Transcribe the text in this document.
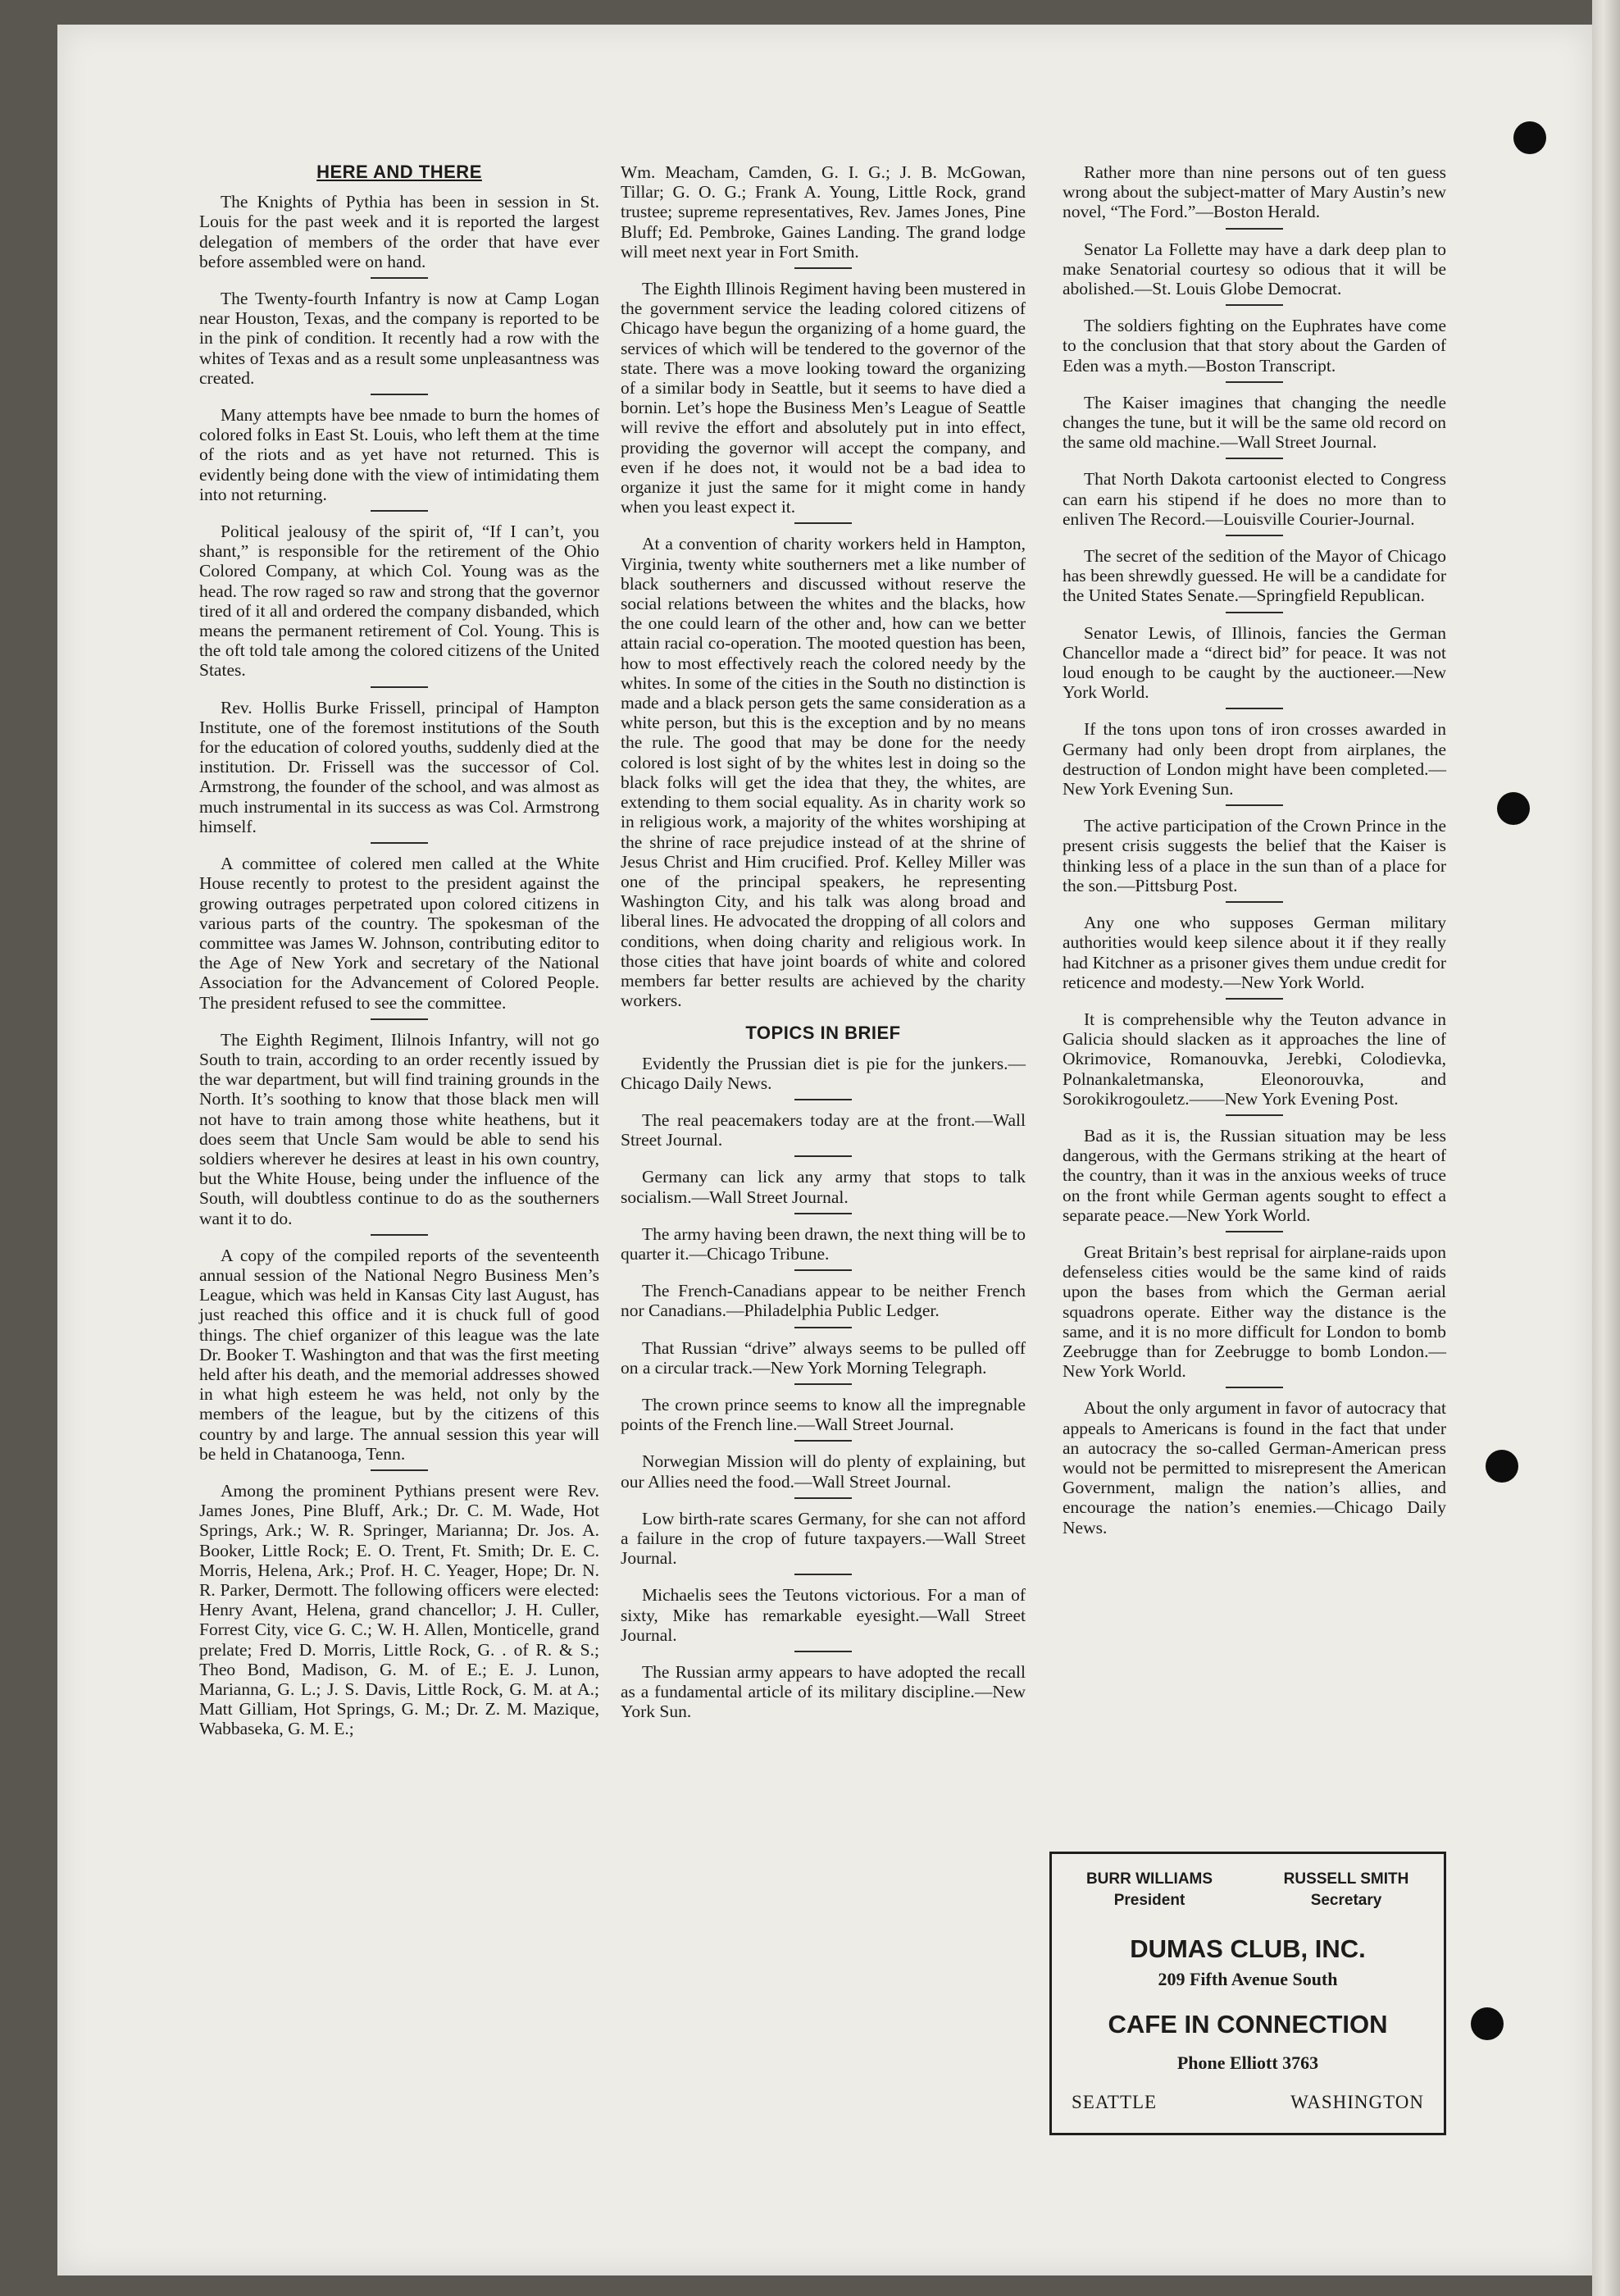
HERE AND THERE

The Knights of Pythia has been in session in St. Louis for the past week and it is reported the largest delegation of members of the order that have ever before assembled were on hand.

The Twenty-fourth Infantry is now at Camp Logan near Houston, Texas, and the company is reported to be in the pink of condition. It recently had a row with the whites of Texas and as a result some unpleasantness was created.

Many attempts have bee nmade to burn the homes of colored folks in East St. Louis, who left them at the time of the riots and as yet have not returned. This is evidently being done with the view of intimidating them into not returning.

Political jealousy of the spirit of, “If I can’t, you shant,” is responsible for the retirement of the Ohio Colored Company, at which Col. Young was as the head. The row raged so raw and strong that the governor tired of it all and ordered the company disbanded, which means the permanent retirement of Col. Young. This is the oft told tale among the colored citizens of the United States.

Rev. Hollis Burke Frissell, principal of Hampton Institute, one of the foremost institutions of the South for the education of colored youths, suddenly died at the institution. Dr. Frissell was the successor of Col. Armstrong, the founder of the school, and was almost as much instrumental in its success as was Col. Armstrong himself.

A committee of colered men called at the White House recently to protest to the president against the growing outrages perpetrated upon colored citizens in various parts of the country. The spokesman of the committee was James W. Johnson, contributing editor to the Age of New York and secretary of the National Association for the Advancement of Colored People. The president refused to see the committee.

The Eighth Regiment, Ililnois Infantry, will not go South to train, according to an order recently issued by the war department, but will find training grounds in the North. It’s soothing to know that those black men will not have to train among those white heathens, but it does seem that Uncle Sam would be able to send his soldiers wherever he desires at least in his own country, but the White House, being under the influence of the South, will doubtless continue to do as the southerners want it to do.

A copy of the compiled reports of the seventeenth annual session of the National Negro Business Men’s League, which was held in Kansas City last August, has just reached this office and it is chuck full of good things. The chief organizer of this league was the late Dr. Booker T. Washington and that was the first meeting held after his death, and the memorial addresses showed in what high esteem he was held, not only by the members of the league, but by the citizens of this country by and large. The annual session this year will be held in Chatanooga, Tenn.

Among the prominent Pythians present were Rev. James Jones, Pine Bluff, Ark.; Dr. C. M. Wade, Hot Springs, Ark.; W. R. Springer, Marianna; Dr. Jos. A. Booker, Little Rock; E. O. Trent, Ft. Smith; Dr. E. C. Morris, Helena, Ark.; Prof. H. C. Yeager, Hope; Dr. N. R. Parker, Dermott. The following officers were elected: Henry Avant, Helena, grand chancellor; J. H. Culler, Forrest City, vice G. C.; W. H. Allen, Monticelle, grand prelate; Fred D. Morris, Little Rock, G. . of R. & S.; Theo Bond, Madison, G. M. of E.; E. J. Lunon, Marianna, G. L.; J. S. Davis, Little Rock, G. M. at A.; Matt Gilliam, Hot Springs, G. M.; Dr. Z. M. Mazique, Wabbaseka, G. M. E.;

Wm. Meacham, Camden, G. I. G.; J. B. McGowan, Tillar; G. O. G.; Frank A. Young, Little Rock, grand trustee; supreme representatives, Rev. James Jones, Pine Bluff; Ed. Pembroke, Gaines Landing. The grand lodge will meet next year in Fort Smith.

The Eighth Illinois Regiment having been mustered in the government service the leading colored citizens of Chicago have begun the organizing of a home guard, the services of which will be tendered to the governor of the state. There was a move looking toward the organizing of a similar body in Seattle, but it seems to have died a bornin. Let’s hope the Business Men’s League of Seattle will revive the effort and absolutely put in into effect, providing the governor will accept the company, and even if he does not, it would not be a bad idea to organize it just the same for it might come in handy when you least expect it.

At a convention of charity workers held in Hampton, Virginia, twenty white southerners met a like number of black southerners and discussed without reserve the social relations between the whites and the blacks, how the one could learn of the other and, how can we better attain racial co-operation. The mooted question has been, how to most effectively reach the colored needy by the whites. In some of the cities in the South no distinction is made and a black person gets the same consideration as a white person, but this is the exception and by no means the rule. The good that may be done for the needy colored is lost sight of by the whites lest in doing so the black folks will get the idea that they, the whites, are extending to them social equality. As in charity work so in religious work, a majority of the whites worshiping at the shrine of race prejudice instead of at the shrine of Jesus Christ and Him crucified. Prof. Kelley Miller was one of the principal speakers, he representing Washington City, and his talk was along broad and liberal lines. He advocated the dropping of all colors and conditions, when doing charity and religious work. In those cities that have joint boards of white and colored members far better results are achieved by the charity workers.

TOPICS IN BRIEF

Evidently the Prussian diet is pie for the junkers.—Chicago Daily News.

The real peacemakers today are at the front.—Wall Street Journal.

Germany can lick any army that stops to talk socialism.—Wall Street Journal.

The army having been drawn, the next thing will be to quarter it.—Chicago Tribune.

The French-Canadians appear to be neither French nor Canadians.—Philadelphia Public Ledger.

That Russian “drive” always seems to be pulled off on a circular track.—New York Morning Telegraph.

The crown prince seems to know all the impregnable points of the French line.—Wall Street Journal.

Norwegian Mission will do plenty of explaining, but our Allies need the food.—Wall Street Journal.

Low birth-rate scares Germany, for she can not afford a failure in the crop of future taxpayers.—Wall Street Journal.

Michaelis sees the Teutons victorious. For a man of sixty, Mike has remarkable eyesight.—Wall Street Journal.

The Russian army appears to have adopted the recall as a fundamental article of its military discipline.—New York Sun.

Rather more than nine persons out of ten guess wrong about the subject-matter of Mary Austin’s new novel, “The Ford.”—Boston Herald.

Senator La Follette may have a dark deep plan to make Senatorial courtesy so odious that it will be abolished.—St. Louis Globe Democrat.

The soldiers fighting on the Euphrates have come to the conclusion that that story about the Garden of Eden was a myth.—Boston Transcript.

The Kaiser imagines that changing the needle changes the tune, but it will be the same old record on the same old machine.—Wall Street Journal.

That North Dakota cartoonist elected to Congress can earn his stipend if he does no more than to enliven The Record.—Louisville Courier-Journal.

The secret of the sedition of the Mayor of Chicago has been shrewdly guessed. He will be a candidate for the United States Senate.—Springfield Republican.

Senator Lewis, of Illinois, fancies the German Chancellor made a “direct bid” for peace. It was not loud enough to be caught by the auctioneer.—New York World.

If the tons upon tons of iron crosses awarded in Germany had only been dropt from airplanes, the destruction of London might have been completed.—New York Evening Sun.

The active participation of the Crown Prince in the present crisis suggests the belief that the Kaiser is thinking less of a place in the sun than of a place for the son.—Pittsburg Post.

Any one who supposes German military authorities would keep silence about it if they really had Kitchner as a prisoner gives them undue credit for reticence and modesty.—New York World.

It is comprehensible why the Teuton advance in Galicia should slacken as it approaches the line of Okrimovice, Romanouvka, Jerebki, Colodievka, Polnankaletmanska, Eleonorouvka, and Sorokikrogouletz.——New York Evening Post.

Bad as it is, the Russian situation may be less dangerous, with the Germans striking at the heart of the country, than it was in the anxious weeks of truce on the front while German agents sought to effect a separate peace.—New York World.

Great Britain’s best reprisal for airplane-raids upon defenseless cities would be the same kind of raids upon the bases from which the German aerial squadrons operate. Either way the distance is the same, and it is no more difficult for London to bomb Zeebrugge than for Zeebrugge to bomb London.—New York World.

About the only argument in favor of autocracy that appeals to Americans is found in the fact that under an autocracy the so-called German-American press would not be permitted to misrepresent the American Government, malign the nation’s allies, and encourage the nation’s enemies.—Chicago Daily News.

BURR WILLIAMS
President
RUSSELL SMITH
Secretary
DUMAS CLUB, INC.
209 Fifth Avenue South
CAFE IN CONNECTION
Phone Elliott 3763
SEATTLE	WASHINGTON
